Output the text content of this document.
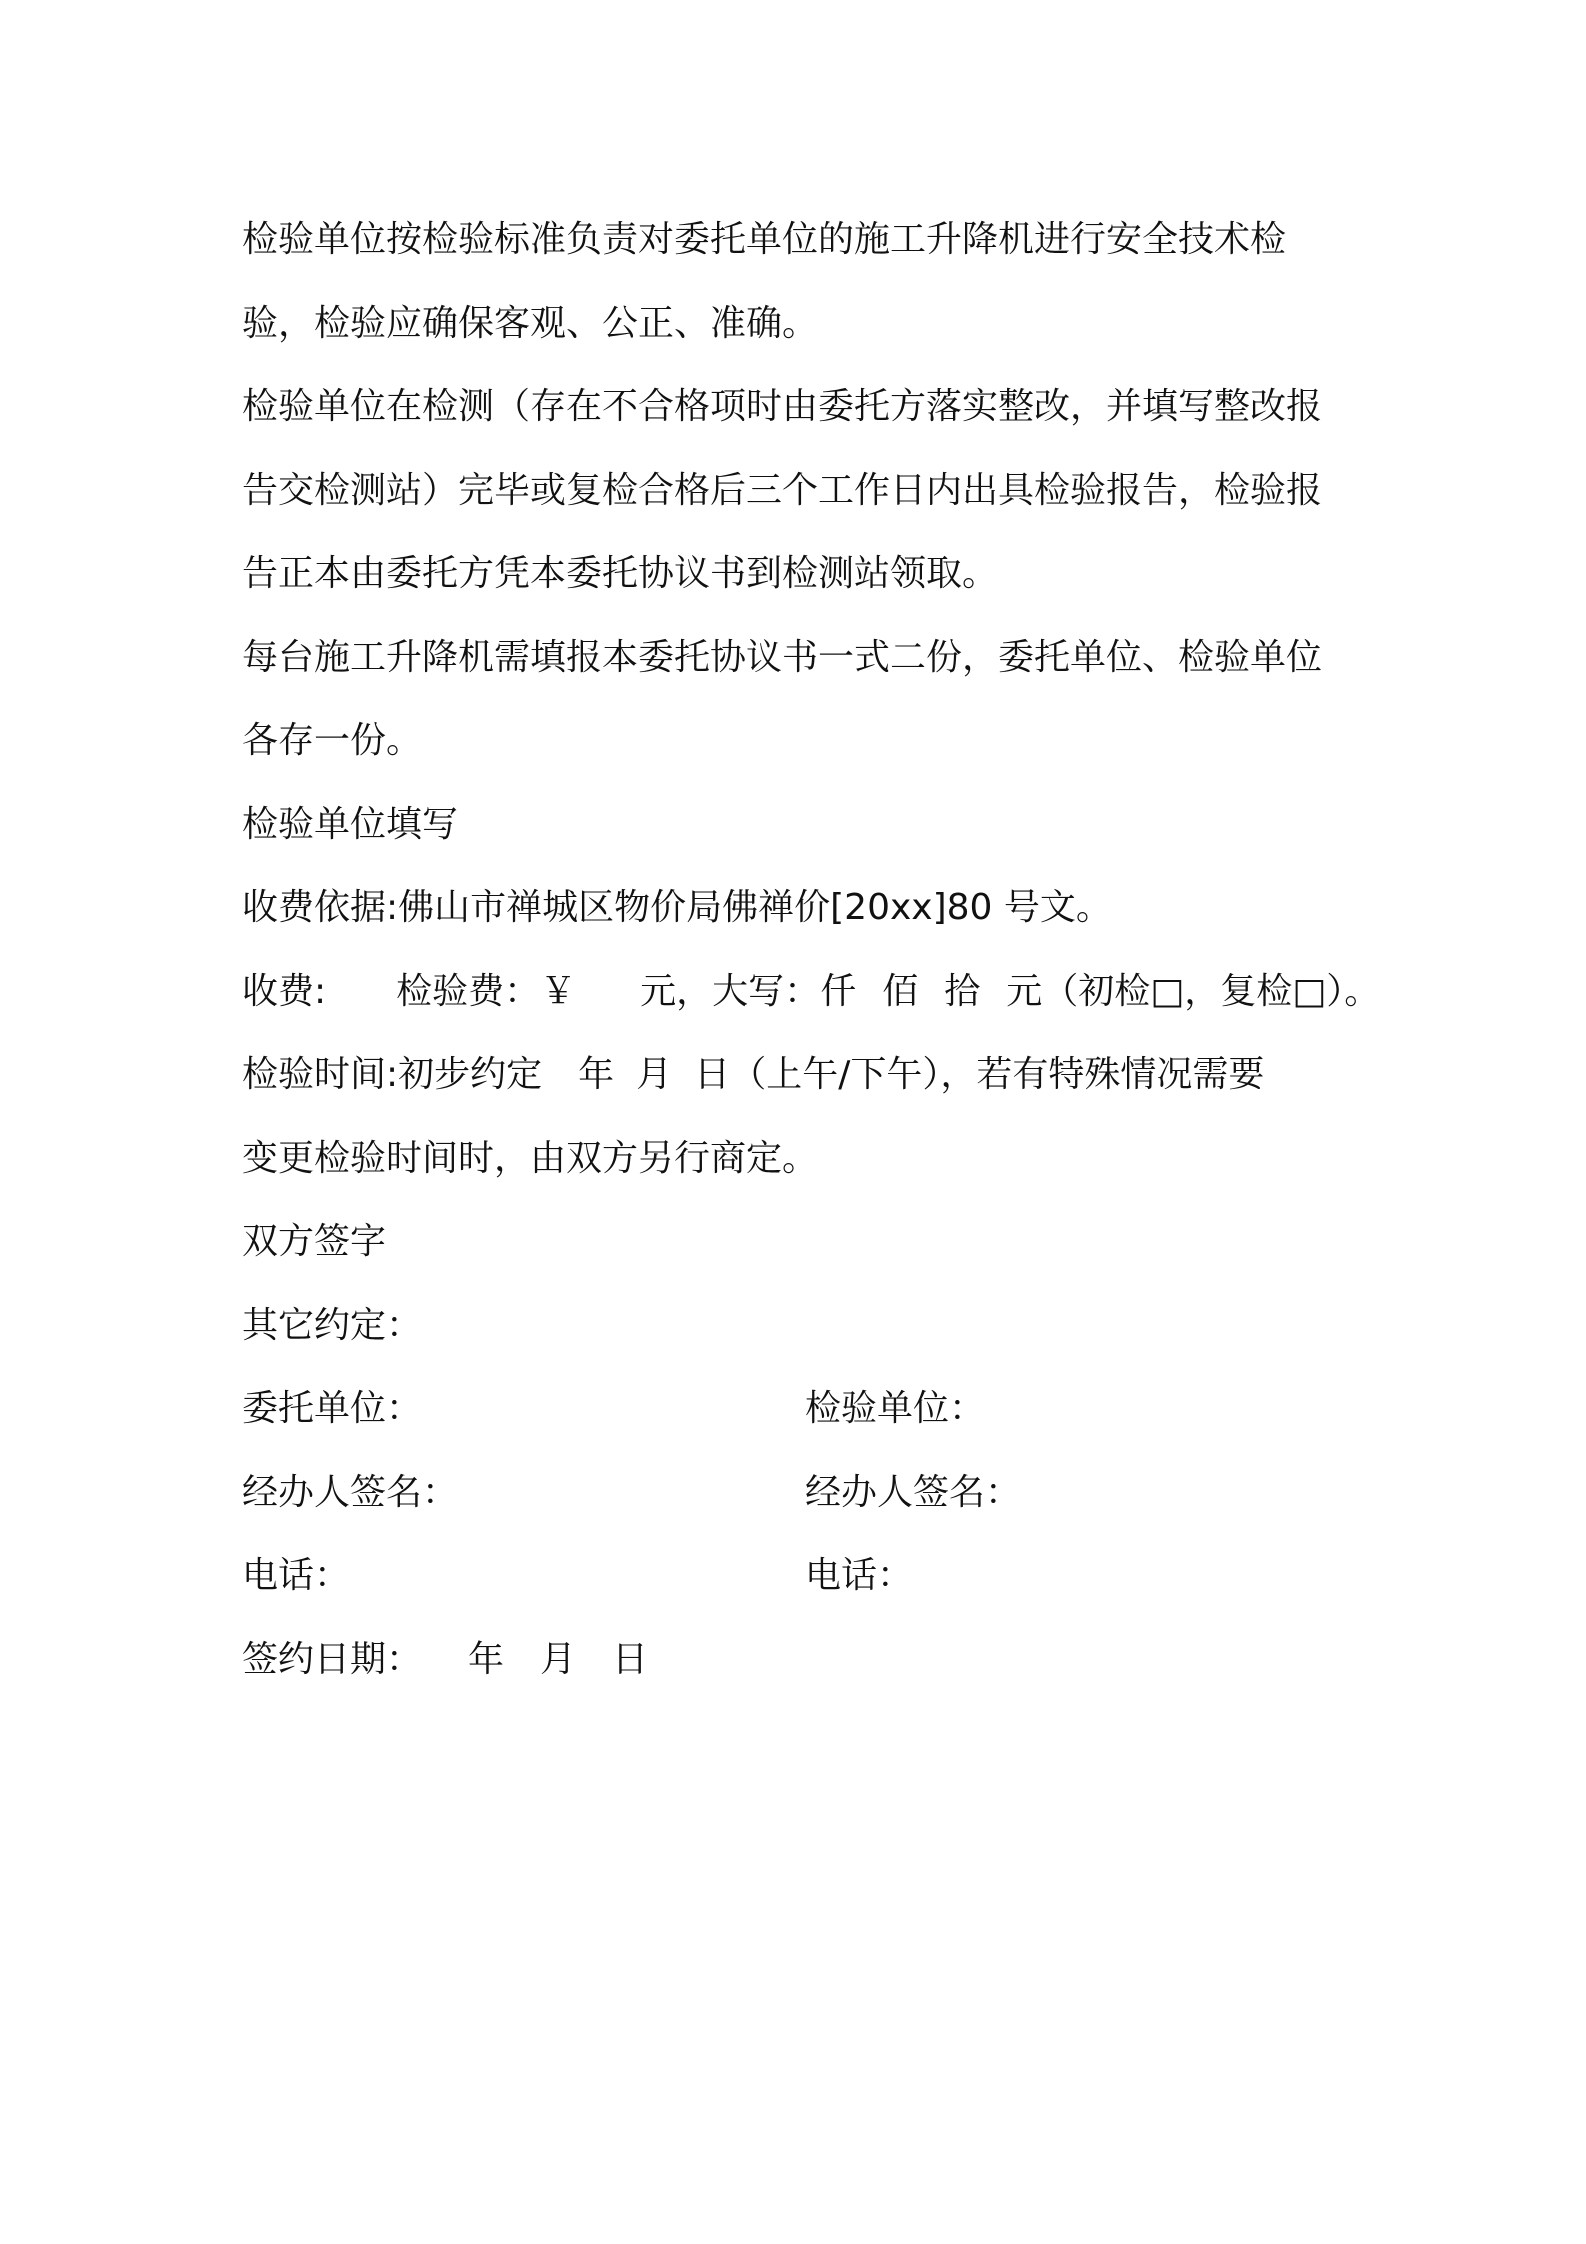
检验单位按检验标准负责对委托单位的施工升降机进行安全技术检
验，检验应确保客观、公正、准确。

检验单位在检测（存在不合格项时由委托方落实整改，并填写整改报
告交检测站）完毕或复检合格后三个工作日内出具检验报告，检验报
告正本由委托方凭本委托协议书到检测站领取。

每台施工升降机需填报本委托协议书一式二份，委托单位、检验单位
各存一份。

检验单位填写

收费依据:佛山市禅城区物价局佛禅价[20xx]80 号文。

收费: 检验费：￥ 元，大写：仟 佰 拾 元（初检□，复检□）。

检验时间:初步约定 年 月 日（上午/下午），若有特殊情况需要
变更检验时间时，由双方另行商定。

双方签字

其它约定：

委托单位：	检验单位：
经办人签名：	经办人签名：
电话：	电话：

签约日期： 年 月 日
